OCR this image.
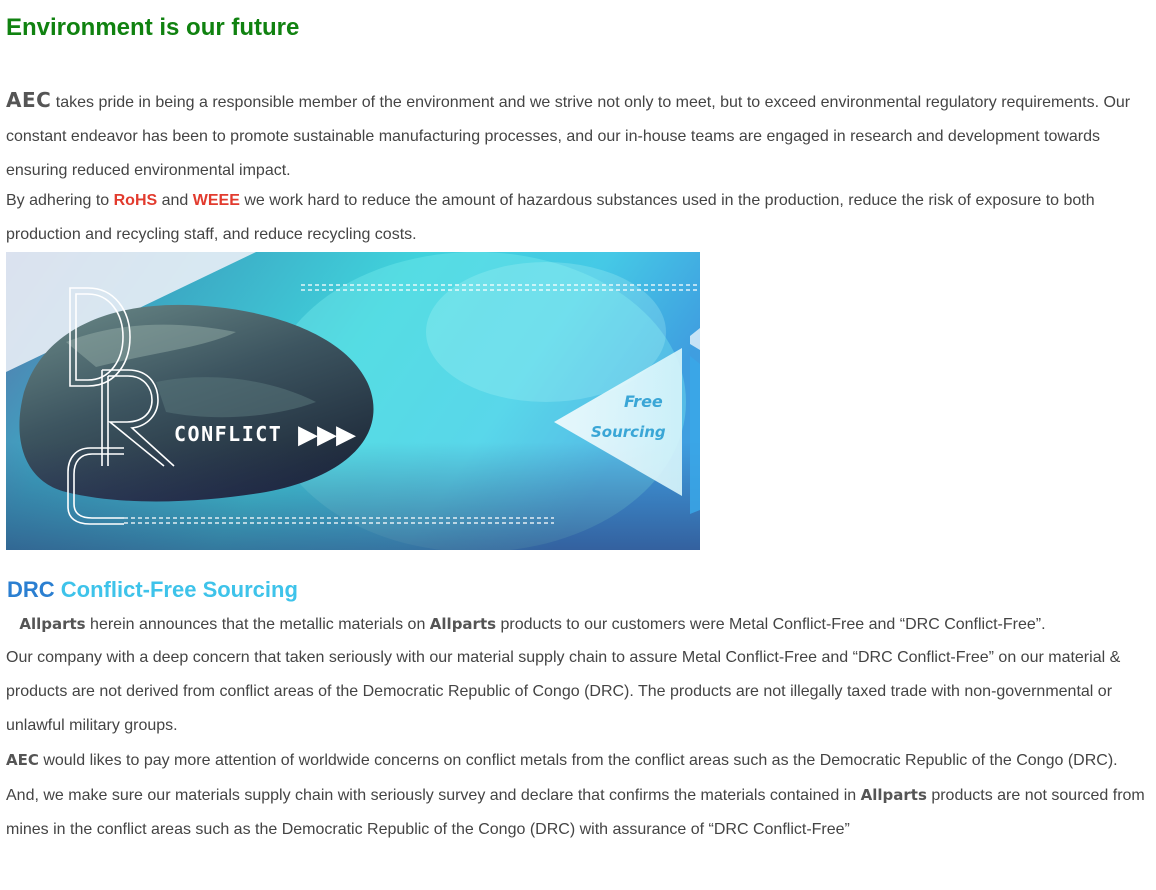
Environment is our future

AEC takes pride in being a responsible member of the environment and we strive not only to meet, but to exceed environmental regulatory requirements. Our constant endeavor has been to promote sustainable manufacturing processes, and our in-house teams are engaged in research and development towards ensuring reduced environmental impact.

By adhering to RoHS and WEEE we work hard to reduce the amount of hazardous substances used in the production, reduce the risk of exposure to both production and recycling staff, and reduce recycling costs.

CONFLICT ▶▶▶
Free
Sourcing
DRC Conflict-Free Sourcing

Allparts herein announces that the metallic materials on Allparts products to our customers were Metal Conflict-Free and “DRC Conflict-Free”.

Our company with a deep concern that taken seriously with our material supply chain to assure Metal Conflict-Free and “DRC Conflict-Free” on our material & products are not derived from conflict areas of the Democratic Republic of Congo (DRC). The products are not illegally taxed trade with non-governmental or unlawful military groups.

AEC would likes to pay more attention of worldwide concerns on conflict metals from the conflict areas such as the Democratic Republic of the Congo (DRC). And, we make sure our materials supply chain with seriously survey and declare that confirms the materials contained in Allparts products are not sourced from mines in the conflict areas such as the Democratic Republic of the Congo (DRC) with assurance of “DRC Conflict-Free”
